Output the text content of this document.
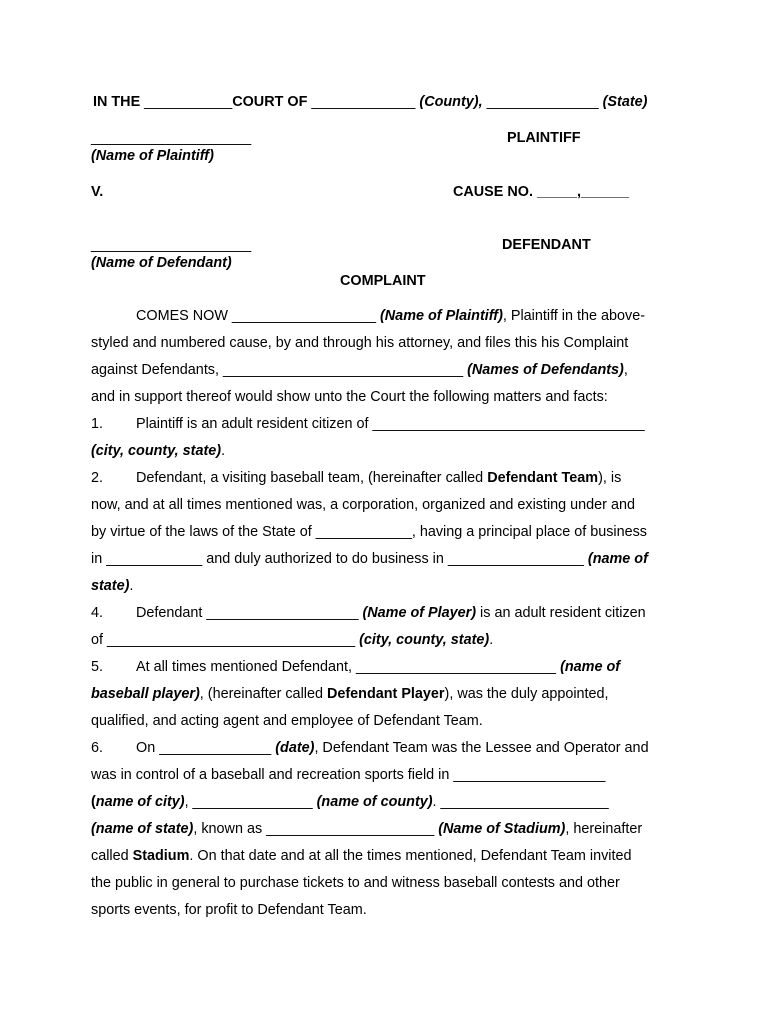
IN THE ___________COURT OF _____________ (County), ______________ (State)
____________________	PLAINTIFF
(Name of Plaintiff)
V.	CAUSE NO. _____,______
____________________	DEFENDANT
(Name of Defendant)
COMPLAINT
COMES NOW __________________ (Name of Plaintiff), Plaintiff in the above-
styled and numbered cause, by and through his attorney, and files this his Complaint
against Defendants, ______________________________ (Names of Defendants),
and in support thereof would show unto the Court the following matters and facts:
1. Plaintiff is an adult resident citizen of __________________________________
(city, county, state).
2. Defendant, a visiting baseball team, (hereinafter called Defendant Team), is
now, and at all times mentioned was, a corporation, organized and existing under and
by virtue of the laws of the State of ____________, having a principal place of business
in ____________ and duly authorized to do business in _________________ (name of
state).
4. Defendant ___________________ (Name of Player) is an adult resident citizen
of _______________________________ (city, county, state).
5. At all times mentioned Defendant, _________________________ (name of
baseball player), (hereinafter called Defendant Player), was the duly appointed,
qualified, and acting agent and employee of Defendant Team.
6. On ______________ (date), Defendant Team was the Lessee and Operator and
was in control of a baseball and recreation sports field in ___________________
(name of city), _______________ (name of county). _____________________
(name of state), known as _____________________ (Name of Stadium), hereinafter
called Stadium. On that date and at all the times mentioned, Defendant Team invited
the public in general to purchase tickets to and witness baseball contests and other
sports events, for profit to Defendant Team.
